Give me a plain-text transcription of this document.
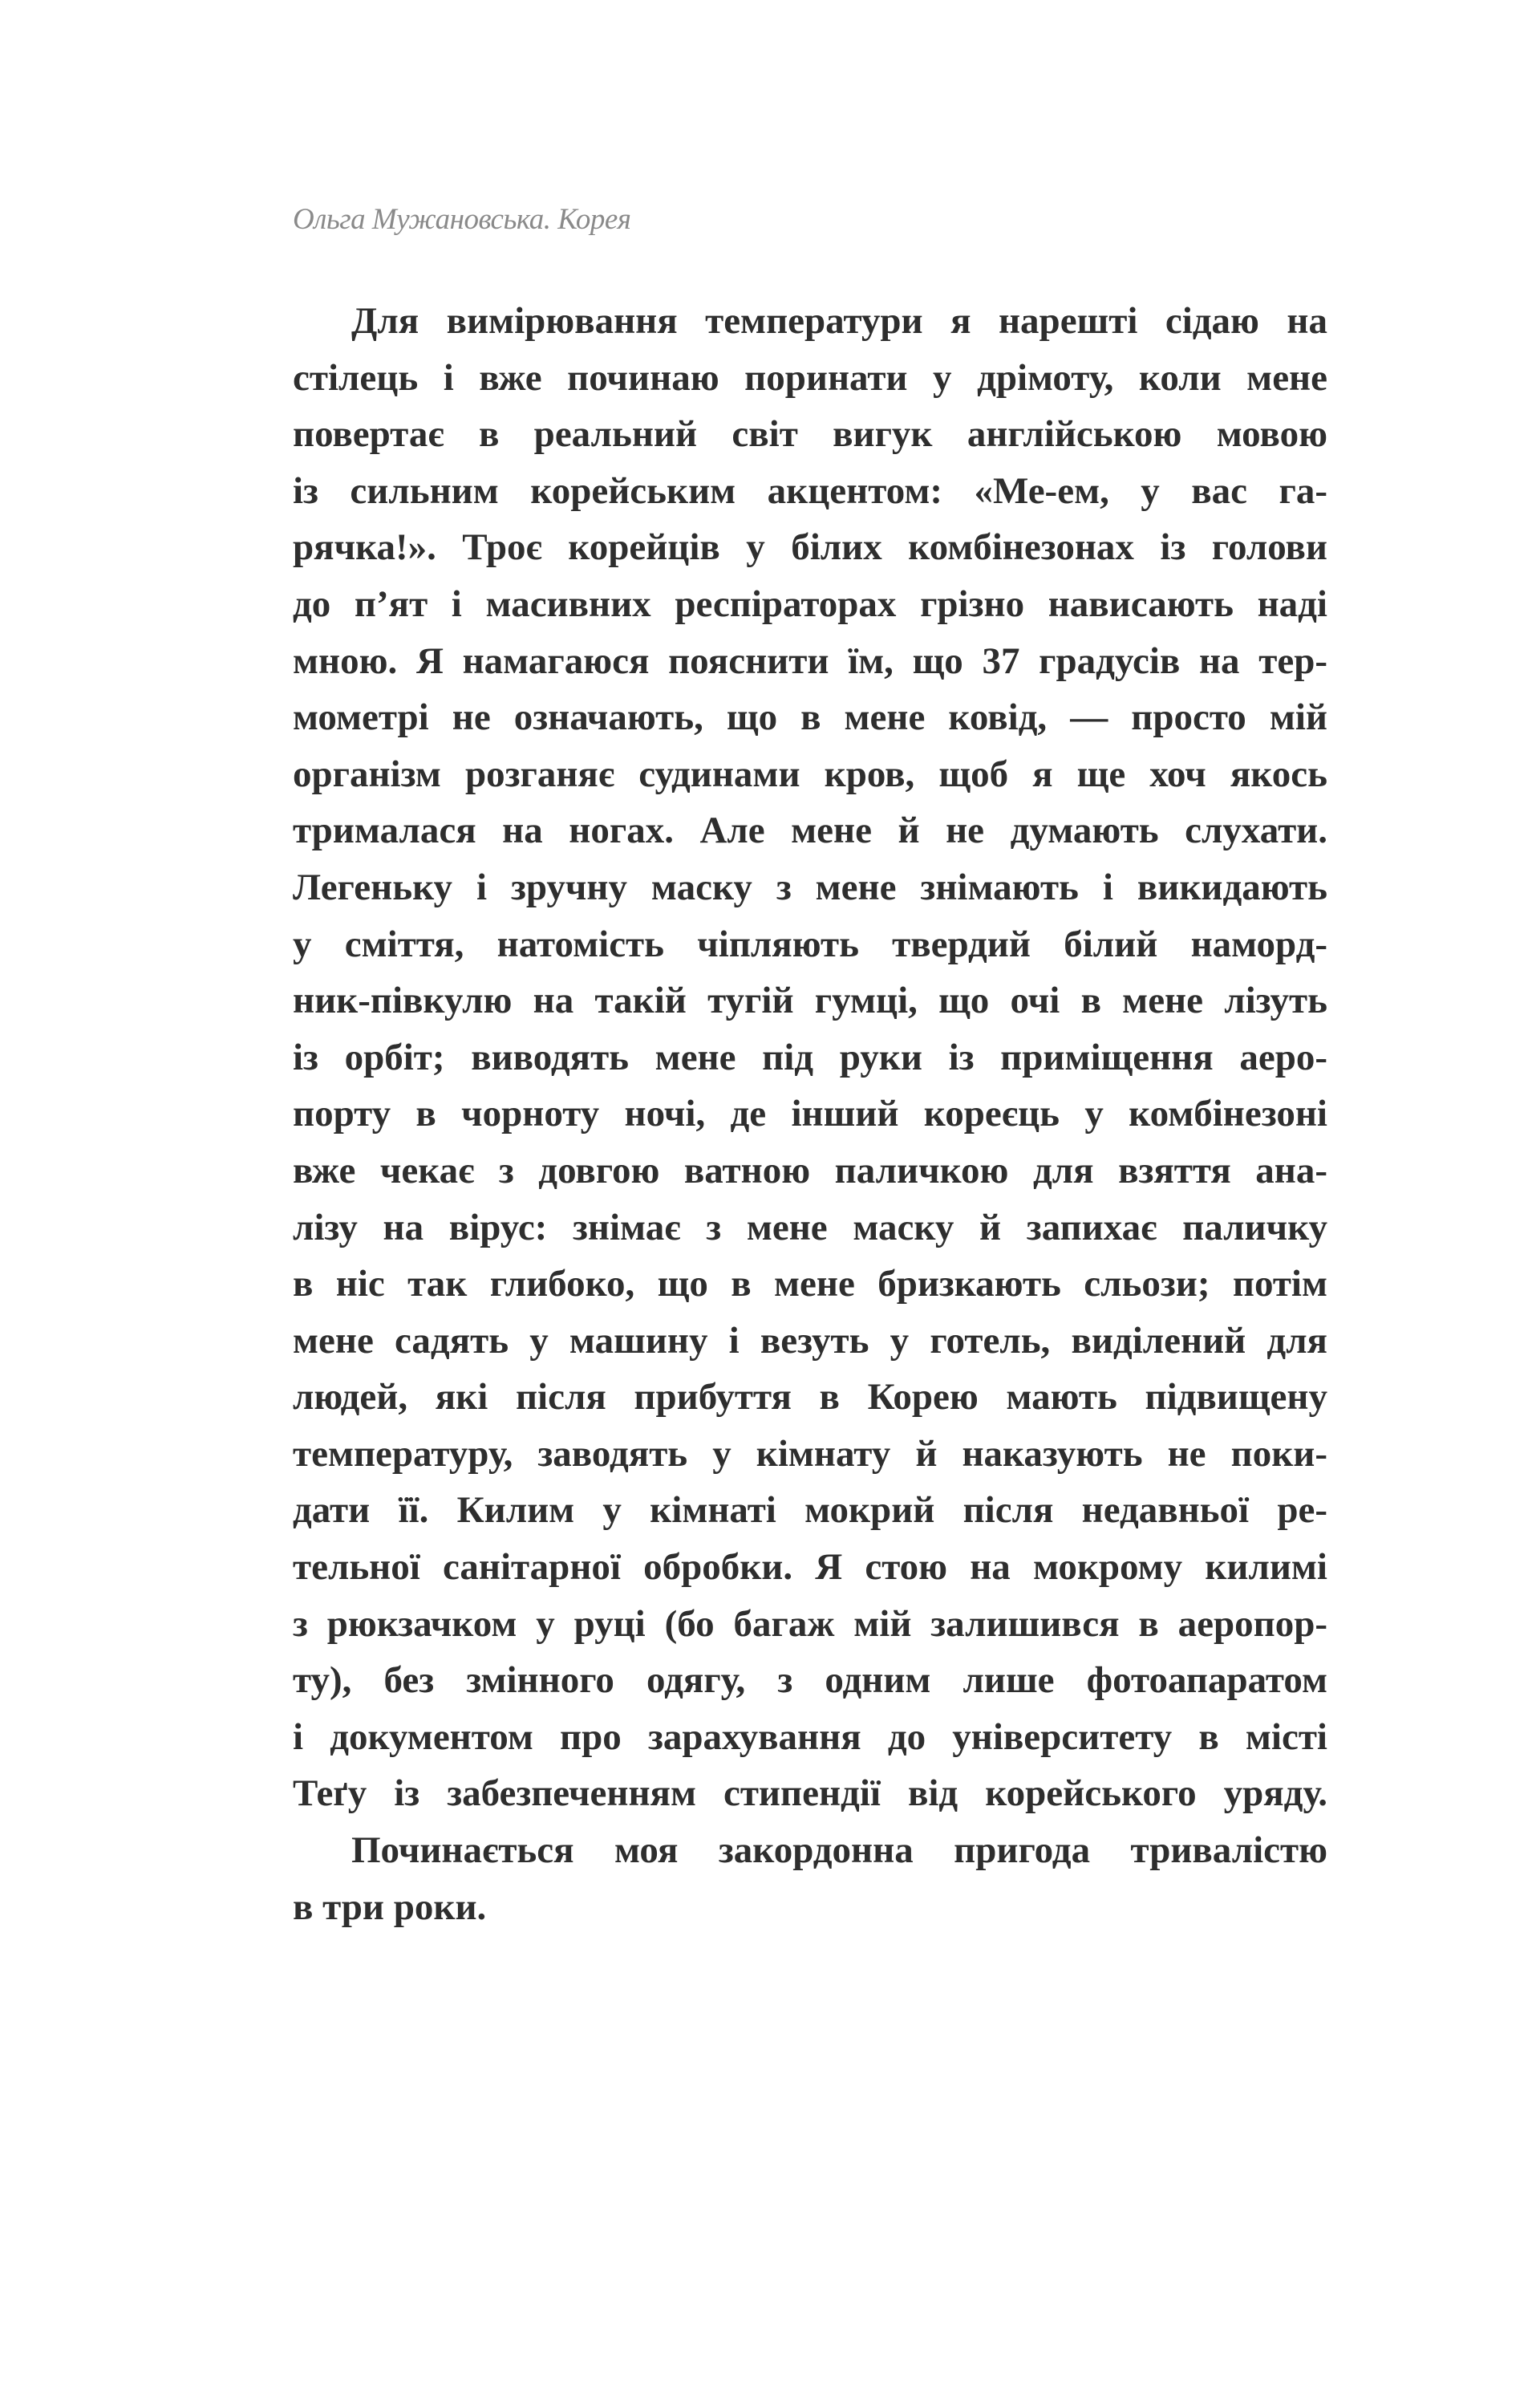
Ольга Мужановська. Корея
Для вимірювання температури я нарешті сідаю на
стілець і вже починаю поринати у дрімоту, коли мене
повертає в реальний світ вигук англійською мовою
із сильним корейським акцентом: «Ме-ем, у вас га-
рячка!». Троє корейців у білих комбінезонах із голови
до п’ят і масивних респіраторах грізно нависають наді
мною. Я намагаюся пояснити їм, що 37 градусів на тер-
мометрі не означають, що в мене ковід, — просто мій
організм розганяє судинами кров, щоб я ще хоч якось
трималася на ногах. Але мене й не думають слухати.
Легеньку і зручну маску з мене знімають і викидають
у сміття, натомість чіпляють твердий білий наморд-
ник-півкулю на такій тугій гумці, що очі в мене лізуть
із орбіт; виводять мене під руки із приміщення аеро-
порту в чорноту ночі, де інший кореєць у комбінезоні
вже чекає з довгою ватною паличкою для взяття ана-
лізу на вірус: знімає з мене маску й запихає паличку
в ніс так глибоко, що в мене бризкають сльози; потім
мене садять у машину і везуть у готель, виділений для
людей, які після прибуття в Корею мають підвищену
температуру, заводять у кімнату й наказують не поки-
дати її. Килим у кімнаті мокрий після недавньої ре-
тельної санітарної обробки. Я стою на мокрому килимі
з рюкзачком у руці (бо багаж мій залишився в аеропор-
ту), без змінного одягу, з одним лише фотоапаратом
і документом про зарахування до університету в місті
Теґу із забезпеченням стипендії від корейського уряду.
Починається моя закордонна пригода тривалістю
в три роки.
